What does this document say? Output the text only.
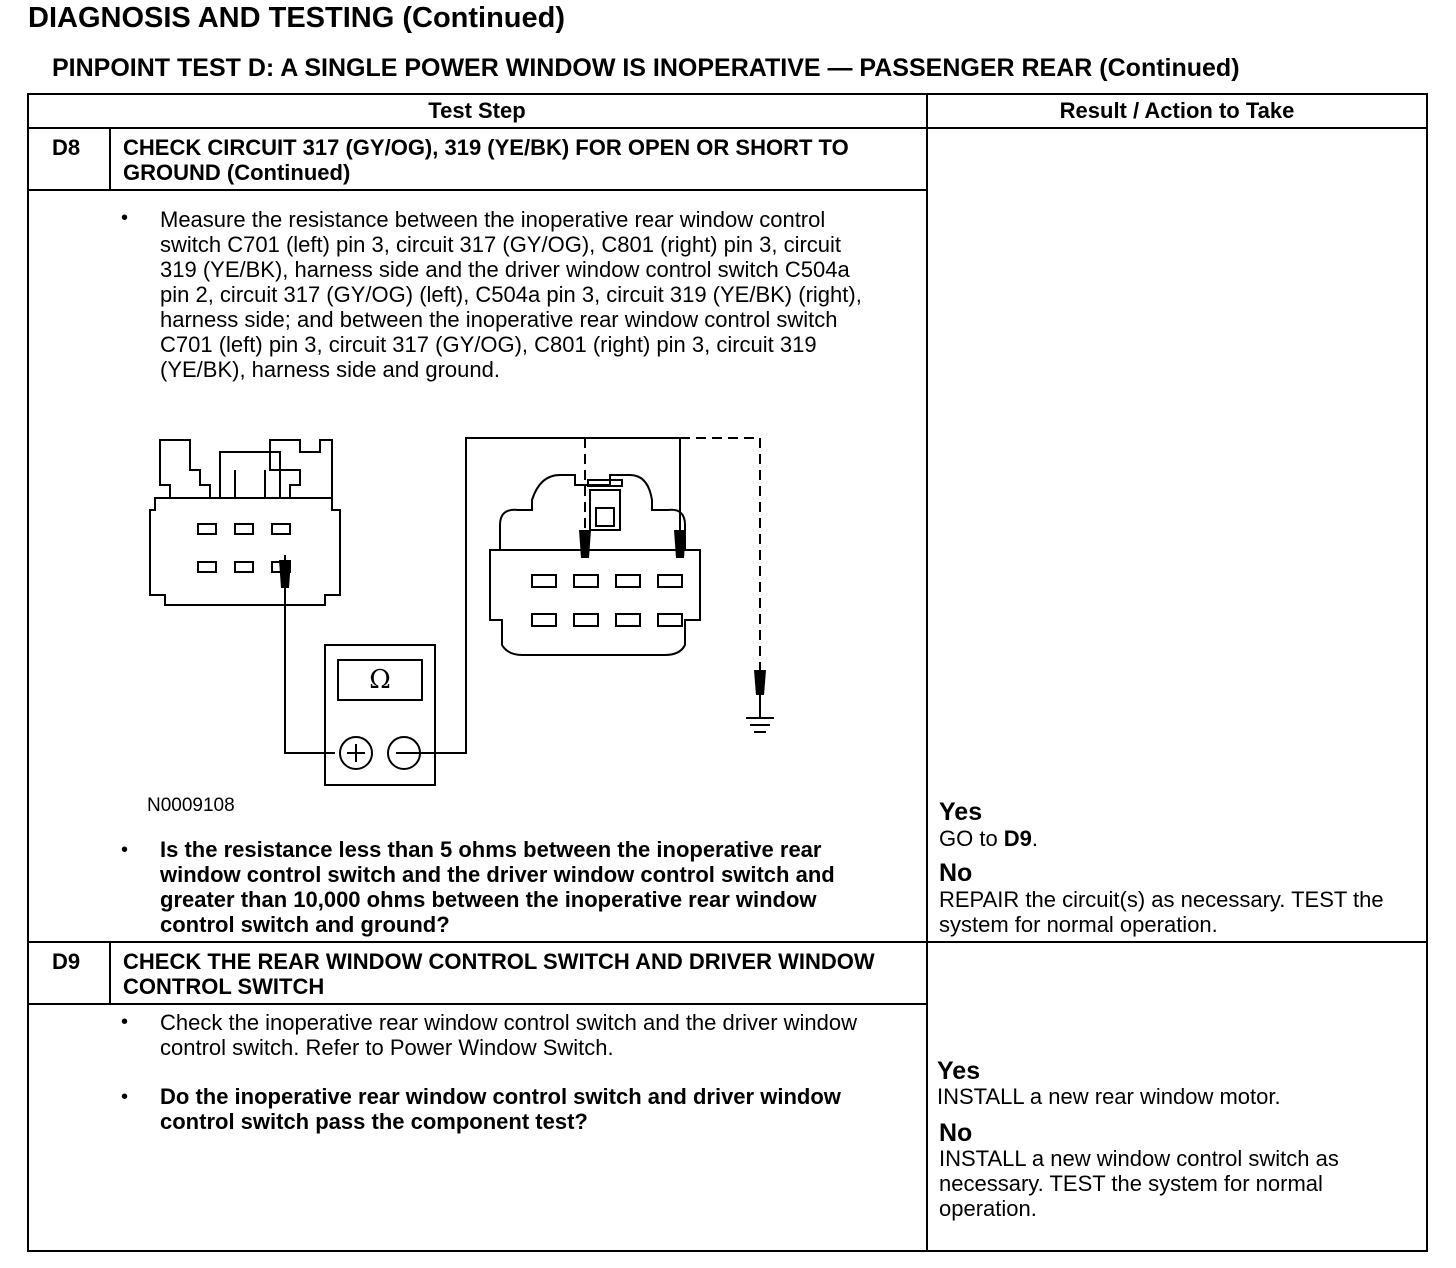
DIAGNOSIS AND TESTING (Continued)
PINPOINT TEST D: A SINGLE POWER WINDOW IS INOPERATIVE — PASSENGER REAR (Continued)
Test Step	Result / Action to Take
D8 CHECK CIRCUIT 317 (GY/OG), 319 (YE/BK) FOR OPEN OR SHORT TO GROUND (Continued)
• Measure the resistance between the inoperative rear window control switch C701 (left) pin 3, circuit 317 (GY/OG), C801 (right) pin 3, circuit 319 (YE/BK), harness side and the driver window control switch C504a pin 2, circuit 317 (GY/OG) (left), C504a pin 3, circuit 319 (YE/BK) (right), harness side; and between the inoperative rear window control switch C701 (left) pin 3, circuit 317 (GY/OG), C801 (right) pin 3, circuit 319 (YE/BK), harness side and ground.
Ω
N0009108
• Is the resistance less than 5 ohms between the inoperative rear window control switch and the driver window control switch and greater than 10,000 ohms between the inoperative rear window control switch and ground?
Yes
GO to D9.
No
REPAIR the circuit(s) as necessary. TEST the system for normal operation.
D9 CHECK THE REAR WINDOW CONTROL SWITCH AND DRIVER WINDOW CONTROL SWITCH
• Check the inoperative rear window control switch and the driver window control switch. Refer to Power Window Switch.
• Do the inoperative rear window control switch and driver window control switch pass the component test?
Yes
INSTALL a new rear window motor.
No
INSTALL a new window control switch as necessary. TEST the system for normal operation.
